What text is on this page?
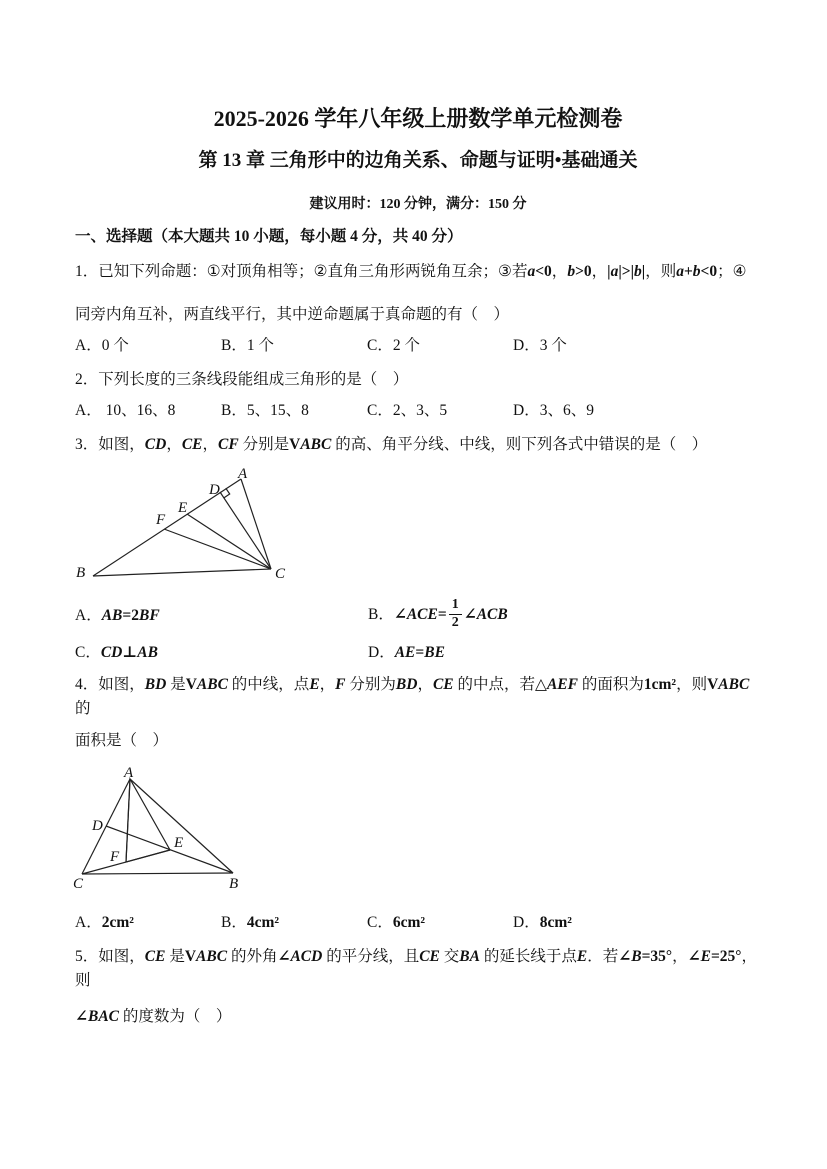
2025-2026 学年八年级上册数学单元检测卷
第 13 章 三角形中的边角关系、命题与证明•基础通关
建议用时：120 分钟，满分：150 分
一、选择题（本大题共 10 小题，每小题 4 分，共 40 分）

1．已知下列命题：①对顶角相等；②直角三角形两锐角互余；③若a<0，b>0，|a|>|b|，则a+b<0；④

同旁内角互补，两直线平行，其中逆命题属于真命题的有（　）

A．0 个	B．1 个	C．2 个	D．3 个

2．下列长度的三条线段能组成三角形的是（　）

A． 10、16、8	B．5、15、8	C．2、3、5	D．3、6、9

3．如图，CD，CE，CF 分别是VABC 的高、角平分线、中线，则下列各式中错误的是（　）

A
D
E
F
B	C
A．AB=2BF	B．∠ACE= $\frac{1}{2}$ ∠ACB
C．CD⊥AB	D．AE=BE

4．如图，BD 是VABC 的中线，点E，F 分别为BD，CE 的中点，若△AEF 的面积为1cm²，则VABC 的

面积是（　）

A
D
E
F
C	B
A．2cm²	B．4cm²	C．6cm²	D．8cm²

5．如图，CE 是VABC 的外角∠ACD 的平分线，且CE 交BA 的延长线于点E．若∠B=35°，∠E=25°，则

∠BAC 的度数为（　）
